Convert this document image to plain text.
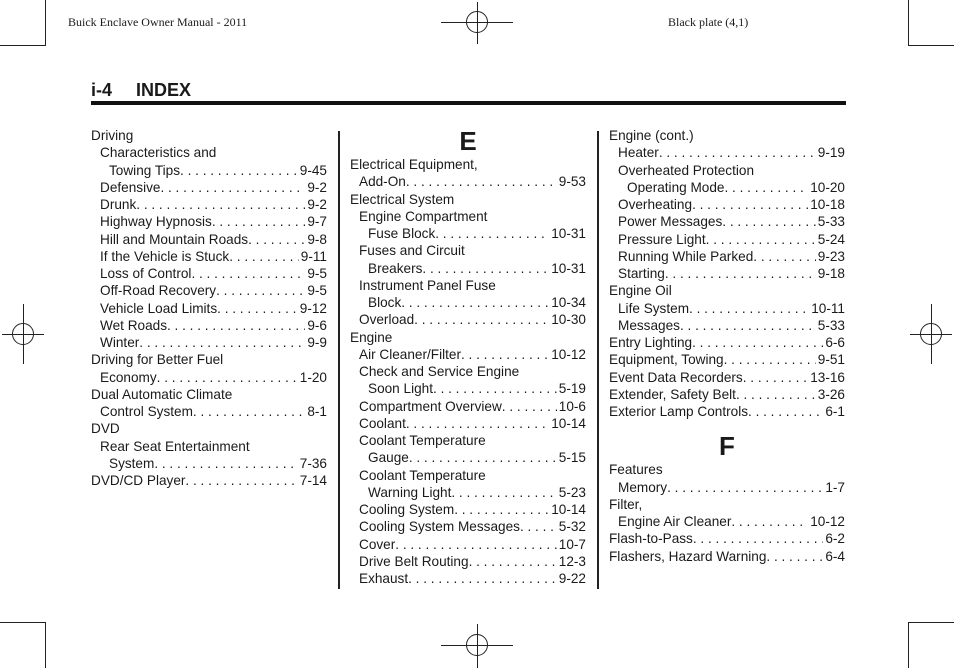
Buick Enclave Owner Manual - 2011	Black plate (4,1)
i-4 INDEX
Driving
Characteristics and
Towing Tips . . .	9-45
Defensive . . .	9-2
Drunk . . .	9-2
Highway Hypnosis . . .	9-7
Hill and Mountain Roads . . .	9-8
If the Vehicle is Stuck . . .	9-11
Loss of Control . . .	9-5
Off-Road Recovery . . .	9-5
Vehicle Load Limits . . .	9-12
Wet Roads . . .	9-6
Winter . . .	9-9
Driving for Better Fuel
Economy . . .	1-20
Dual Automatic Climate
Control System . . .	8-1
DVD
Rear Seat Entertainment
System . . .	7-36
DVD/CD Player . . .	7-14
E
Electrical Equipment,
Add-On . . .	9-53
Electrical System
Engine Compartment
Fuse Block . . .	10-31
Fuses and Circuit
Breakers . . .	10-31
Instrument Panel Fuse
Block . . .	10-34
Overload . . .	10-30
Engine
Air Cleaner/Filter . . .	10-12
Check and Service Engine
Soon Light . . .	5-19
Compartment Overview . . .	10-6
Coolant . . .	10-14
Coolant Temperature
Gauge . . .	5-15
Coolant Temperature
Warning Light . . .	5-23
Cooling System . . .	10-14
Cooling System Messages . . .	5-32
Cover . . .	10-7
Drive Belt Routing . . .	12-3
Exhaust . . .	9-22
Engine (cont.)
Heater . . .	9-19
Overheated Protection
Operating Mode . . .	10-20
Overheating . . .	10-18
Power Messages . . .	5-33
Pressure Light . . .	5-24
Running While Parked . . .	9-23
Starting . . .	9-18
Engine Oil
Life System . . .	10-11
Messages . . .	5-33
Entry Lighting . . .	6-6
Equipment, Towing . . .	9-51
Event Data Recorders . . .	13-16
Extender, Safety Belt . . .	3-26
Exterior Lamp Controls . . .	6-1
F
Features
Memory . . .	1-7
Filter,
Engine Air Cleaner . . .	10-12
Flash-to-Pass . . .	6-2
Flashers, Hazard Warning . . .	6-4
